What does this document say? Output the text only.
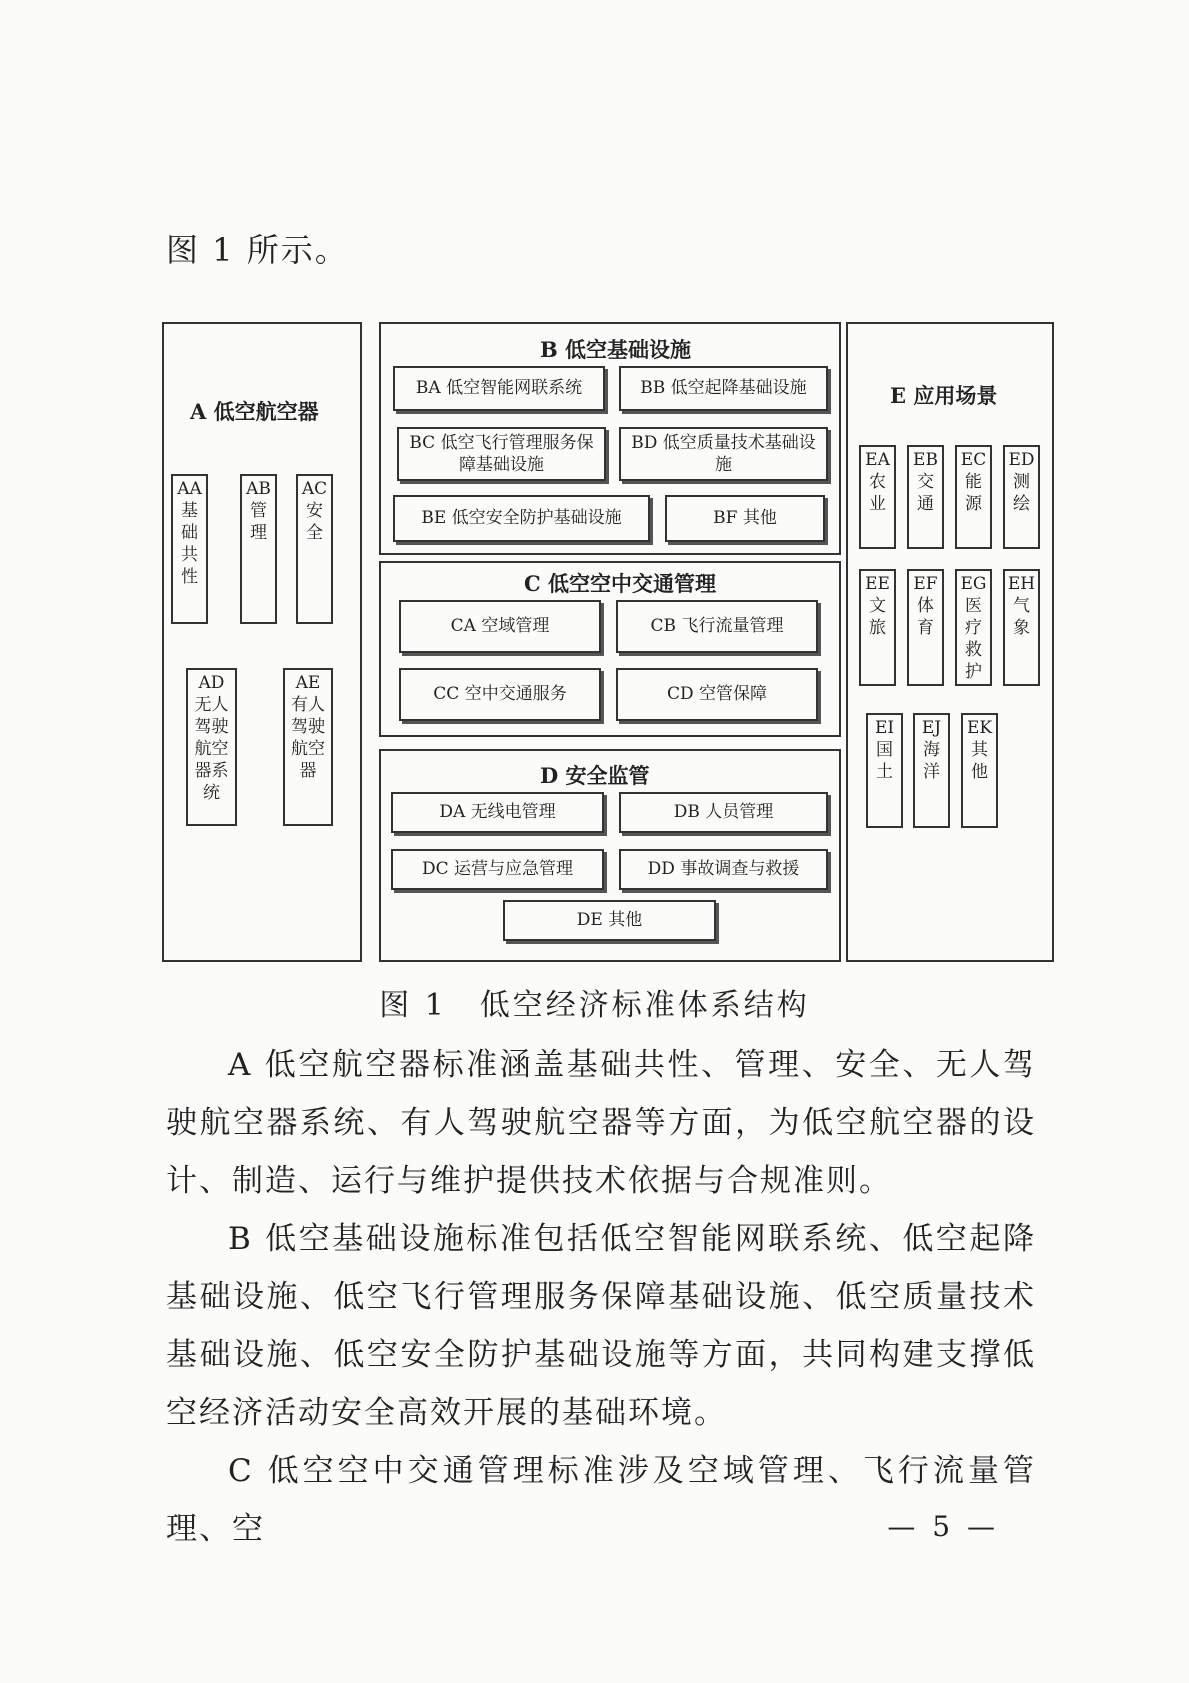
图 1 所示。
A 低空航空器
AA
基础共性
AB
管理
AC
安全
AD
无人驾驶航空器系统
AE
有人驾驶航空器
B 低空基础设施
BA 低空智能网联系统	BB 低空起降基础设施
BC 低空飞行管理服务保障基础设施
BD 低空质量技术基础设施
BE 低空安全防护基础设施	BF 其他
C 低空空中交通管理
CA 空域管理	CB 飞行流量管理
CC 空中交通服务	CD 空管保障
D 安全监管
DA 无线电管理	DB 人员管理
DC 运营与应急管理	DD 事故调查与救援
DE 其他
E 应用场景
EA
农业
EB
交通
EC
能源
ED
测绘
EE
文旅
EF
体育
EG
医疗救护
EH
气象
EI
国土
EJ
海洋
EK
其他
图 1　低空经济标准体系结构
A 低空航空器标准涵盖基础共性、管理、安全、无人驾驶航空器系统、有人驾驶航空器等方面，为低空航空器的设计、制造、运行与维护提供技术依据与合规准则。
B 低空基础设施标准包括低空智能网联系统、低空起降基础设施、低空飞行管理服务保障基础设施、低空质量技术基础设施、低空安全防护基础设施等方面，共同构建支撑低空经济活动安全高效开展的基础环境。
C 低空空中交通管理标准涉及空域管理、飞行流量管理、空	— 5 —
